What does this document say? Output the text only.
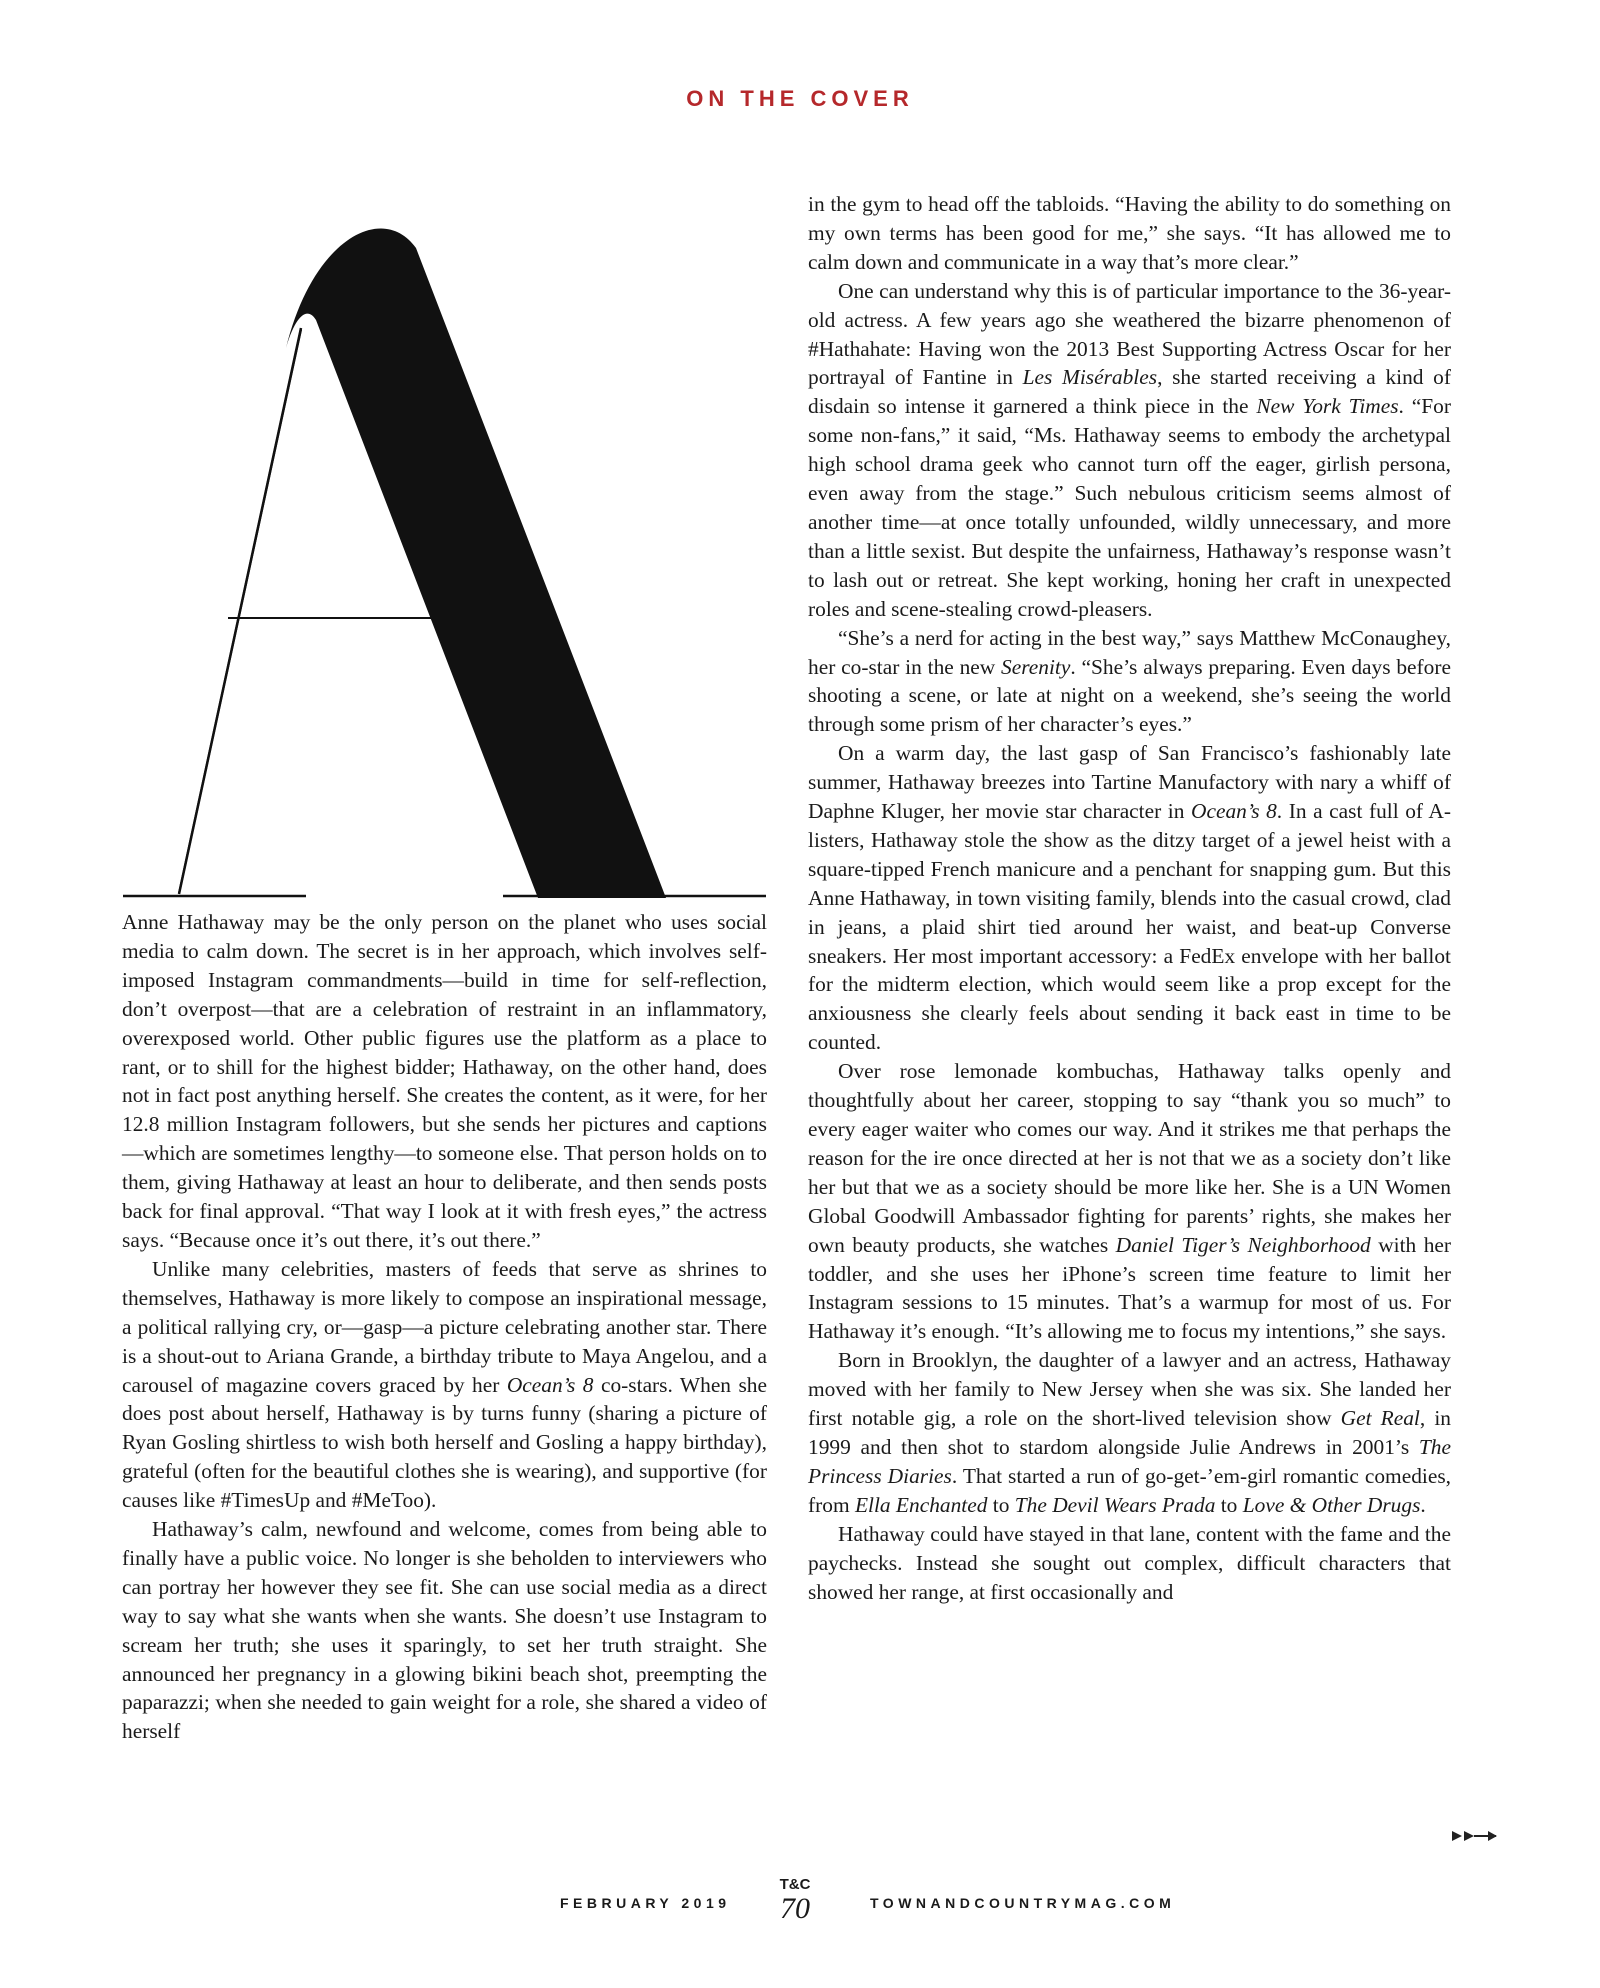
ON THE COVER

Anne Hathaway may be the only person on the planet who uses social media to calm down. The secret is in her approach, which involves self-imposed Instagram commandments—build in time for self-reflection, don’t overpost—that are a celebration of restraint in an inflammatory, overexposed world. Other public figures use the platform as a place to rant, or to shill for the highest bidder; Hathaway, on the other hand, does not in fact post anything herself. She creates the content, as it were, for her 12.8 million Instagram followers, but she sends her pictures and captions—which are sometimes lengthy—to someone else. That person holds on to them, giving Hathaway at least an hour to deliberate, and then sends posts back for final approval. “That way I look at it with fresh eyes,” the actress says. “Because once it’s out there, it’s out there.”

Unlike many celebrities, masters of feeds that serve as shrines to themselves, Hathaway is more likely to compose an inspirational message, a political rallying cry, or—gasp—a picture celebrating another star. There is a shout-out to Ariana Grande, a birthday tribute to Maya Angelou, and a carousel of magazine covers graced by her Ocean’s 8 co-stars. When she does post about herself, Hathaway is by turns funny (sharing a picture of Ryan Gosling shirtless to wish both herself and Gosling a happy birthday), grateful (often for the beautiful clothes she is wearing), and supportive (for causes like #TimesUp and #MeToo).

Hathaway’s calm, newfound and welcome, comes from being able to finally have a public voice. No longer is she beholden to interviewers who can portray her however they see fit. She can use social media as a direct way to say what she wants when she wants. She doesn’t use Instagram to scream her truth; she uses it sparingly, to set her truth straight. She announced her pregnancy in a glowing bikini beach shot, preempting the paparazzi; when she needed to gain weight for a role, she shared a video of herself

in the gym to head off the tabloids. “Having the ability to do something on my own terms has been good for me,” she says. “It has allowed me to calm down and communicate in a way that’s more clear.”

One can understand why this is of particular importance to the 36-year-old actress. A few years ago she weathered the bizarre phenomenon of #Hathahate: Having won the 2013 Best Supporting Actress Oscar for her portrayal of Fantine in Les Misérables, she started receiving a kind of disdain so intense it garnered a think piece in the New York Times. “For some non-fans,” it said, “Ms. Hathaway seems to embody the archetypal high school drama geek who cannot turn off the eager, girlish persona, even away from the stage.” Such nebulous criticism seems almost of another time—at once totally unfounded, wildly unnecessary, and more than a little sexist. But despite the unfairness, Hathaway’s response wasn’t to lash out or retreat. She kept working, honing her craft in unexpected roles and scene-stealing crowd-pleasers.

“She’s a nerd for acting in the best way,” says Matthew McConaughey, her co-star in the new Serenity. “She’s always preparing. Even days before shooting a scene, or late at night on a weekend, she’s seeing the world through some prism of her character’s eyes.”

On a warm day, the last gasp of San Francisco’s fashionably late summer, Hathaway breezes into Tartine Manufactory with nary a whiff of Daphne Kluger, her movie star character in Ocean’s 8. In a cast full of A-listers, Hathaway stole the show as the ditzy target of a jewel heist with a square-tipped French manicure and a penchant for snapping gum. But this Anne Hathaway, in town visiting family, blends into the casual crowd, clad in jeans, a plaid shirt tied around her waist, and beat-up Converse sneakers. Her most important accessory: a FedEx envelope with her ballot for the midterm election, which would seem like a prop except for the anxiousness she clearly feels about sending it back east in time to be counted.

Over rose lemonade kombuchas, Hathaway talks openly and thoughtfully about her career, stopping to say “thank you so much” to every eager waiter who comes our way. And it strikes me that perhaps the reason for the ire once directed at her is not that we as a society don’t like her but that we as a society should be more like her. She is a UN Women Global Goodwill Ambassador fighting for parents’ rights, she makes her own beauty products, she watches Daniel Tiger’s Neighborhood with her toddler, and she uses her iPhone’s screen time feature to limit her Instagram sessions to 15 minutes. That’s a warmup for most of us. For Hathaway it’s enough. “It’s allowing me to focus my intentions,” she says.

Born in Brooklyn, the daughter of a lawyer and an actress, Hathaway moved with her family to New Jersey when she was six. She landed her first notable gig, a role on the short-lived television show Get Real, in 1999 and then shot to stardom alongside Julie Andrews in 2001’s The Princess Diaries. That started a run of go-get-’em-girl romantic comedies, from Ella Enchanted to The Devil Wears Prada to Love & Other Drugs.

Hathaway could have stayed in that lane, content with the fame and the paychecks. Instead she sought out complex, difficult characters that showed her range, at first occasionally and

FEBRUARY 2019
T&C
70	TOWNANDCOUNTRYMAG.COM
